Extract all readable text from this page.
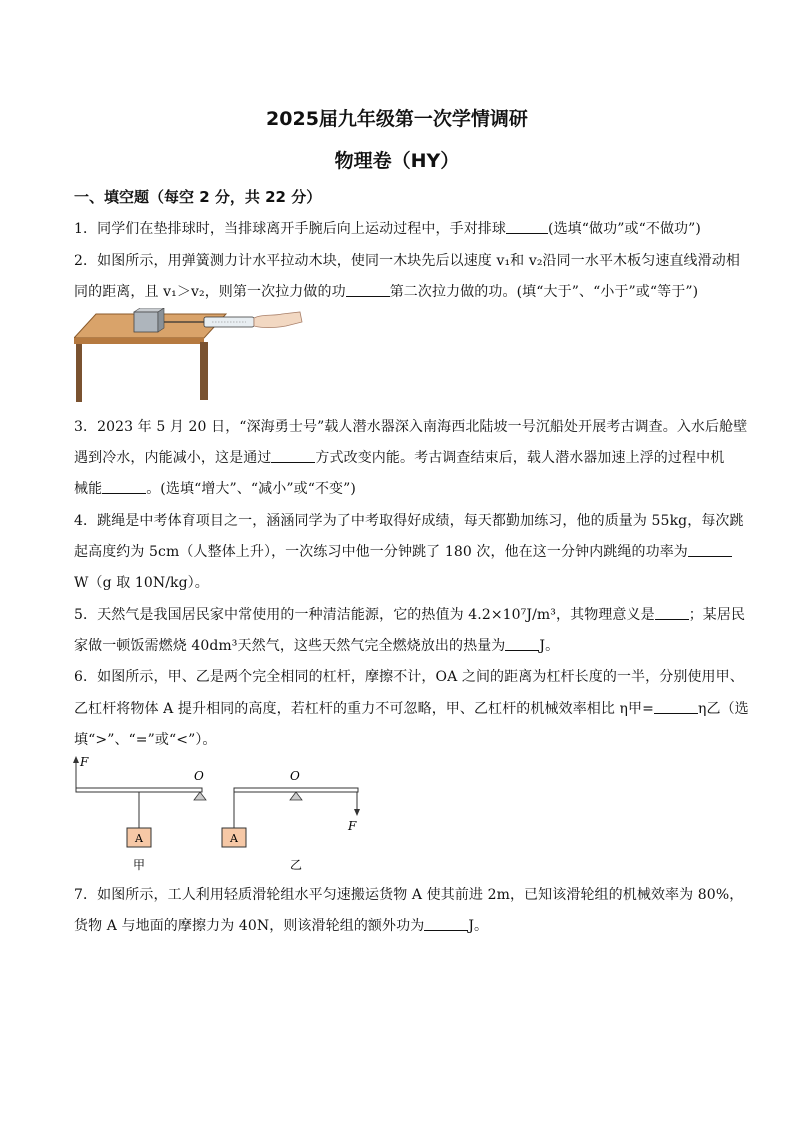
2025届九年级第一次学情调研
物理卷（HY）
一、填空题（每空 2 分，共 22 分）
1．同学们在垫排球时，当排球离开手腕后向上运动过程中，手对排球	(选填“做功”或“不做功”)
2．如图所示，用弹簧测力计水平拉动木块，使同一木块先后以速度 v₁和 v₂沿同一水平木板匀速直线滑动相
同的距离，且 v₁＞v₂，则第一次拉力做的功	第二次拉力做的功。(填“大于”、“小于”或“等于”)
3．2023 年 5 月 20 日，“深海勇士号”载人潜水器深入南海西北陆坡一号沉船处开展考古调查。入水后舱壁
遇到冷水，内能减小，这是通过	方式改变内能。考古调查结束后，载人潜水器加速上浮的过程中机
械能	。(选填“增大”、“减小”或“不变”)
4．跳绳是中考体育项目之一，涵涵同学为了中考取得好成绩，每天都勤加练习，他的质量为 55kg，每次跳
起高度约为 5cm（人整体上升），一次练习中他一分钟跳了 180 次，他在这一分钟内跳绳的功率为
W（g 取 10N/kg）。
5．天然气是我国居民家中常使用的一种清洁能源，它的热值为 4.2×10⁷J/m³，其物理意义是 ；某居民
家做一顿饭需燃烧 40dm³天然气，这些天然气完全燃烧放出的热量为 J。
6．如图所示，甲、乙是两个完全相同的杠杆，摩擦不计，OA 之间的距离为杠杆长度的一半，分别使用甲、
乙杠杆将物体 A 提升相同的高度，若杠杆的重力不可忽略，甲、乙杠杆的机械效率相比 η甲=	η乙（选
填“>”、“=”或“<”）。
F
O
A
甲
O
A
F
乙
7．如图所示，工人利用轻质滑轮组水平匀速搬运货物 A 使其前进 2m，已知该滑轮组的机械效率为 80%，
货物 A 与地面的摩擦力为 40N，则该滑轮组的额外功为	J。
